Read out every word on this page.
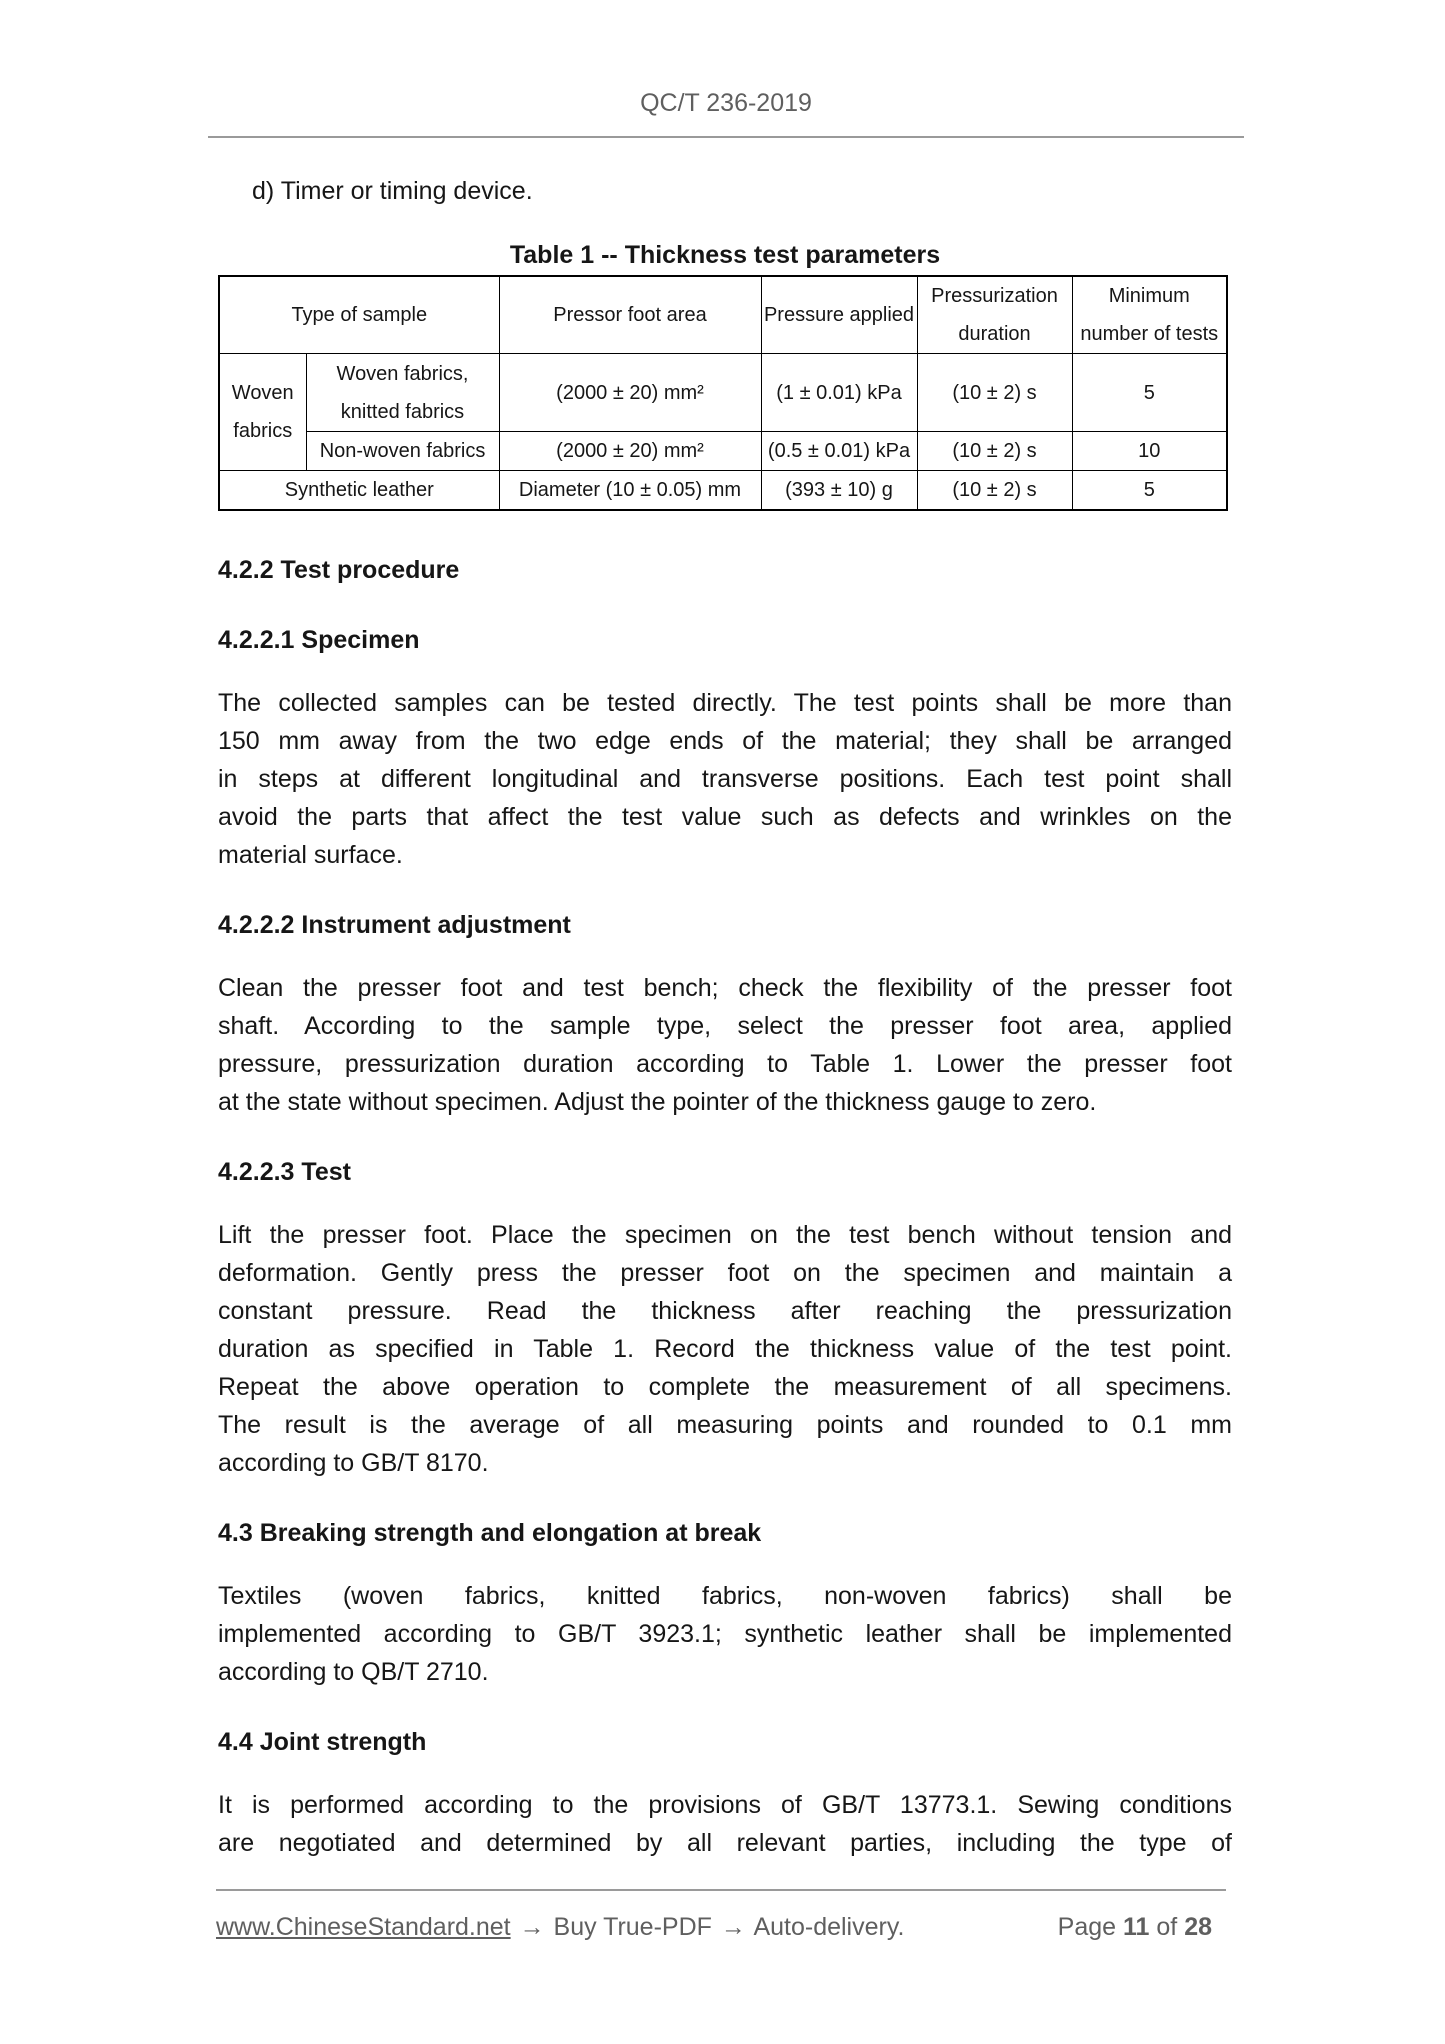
QC/T 236-2019
d) Timer or timing device.
Table 1 -- Thickness test parameters
Type of sample		Pressor foot area	Pressure applied	Pressurization duration	Minimum number of tests
Woven fabrics	Woven fabrics, knitted fabrics	(2000 ± 20) mm²	(1 ± 0.01) kPa	(10 ± 2) s	5
	Non-woven fabrics	(2000 ± 20) mm²	(0.5 ± 0.01) kPa	(10 ± 2) s	10
Synthetic leather		Diameter (10 ± 0.05) mm	(393 ± 10) g	(10 ± 2) s	5
4.2.2 Test procedure
4.2.2.1 Specimen
The collected samples can be tested directly. The test points shall be more than
150 mm away from the two edge ends of the material; they shall be arranged
in steps at different longitudinal and transverse positions. Each test point shall
avoid the parts that affect the test value such as defects and wrinkles on the
material surface.
4.2.2.2 Instrument adjustment
Clean the presser foot and test bench; check the flexibility of the presser foot
shaft. According to the sample type, select the presser foot area, applied
pressure, pressurization duration according to Table 1. Lower the presser foot
at the state without specimen. Adjust the pointer of the thickness gauge to zero.
4.2.2.3 Test
Lift the presser foot. Place the specimen on the test bench without tension and
deformation. Gently press the presser foot on the specimen and maintain a
constant pressure. Read the thickness after reaching the pressurization
duration as specified in Table 1. Record the thickness value of the test point.
Repeat the above operation to complete the measurement of all specimens.
The result is the average of all measuring points and rounded to 0.1 mm
according to GB/T 8170.
4.3 Breaking strength and elongation at break
Textiles (woven fabrics, knitted fabrics, non-woven fabrics) shall be
implemented according to GB/T 3923.1; synthetic leather shall be implemented
according to QB/T 2710.
4.4 Joint strength
It is performed according to the provisions of GB/T 13773.1. Sewing conditions
are negotiated and determined by all relevant parties, including the type of
www.ChineseStandard.net → Buy True-PDF → Auto-delivery.	Page 11 of 28
